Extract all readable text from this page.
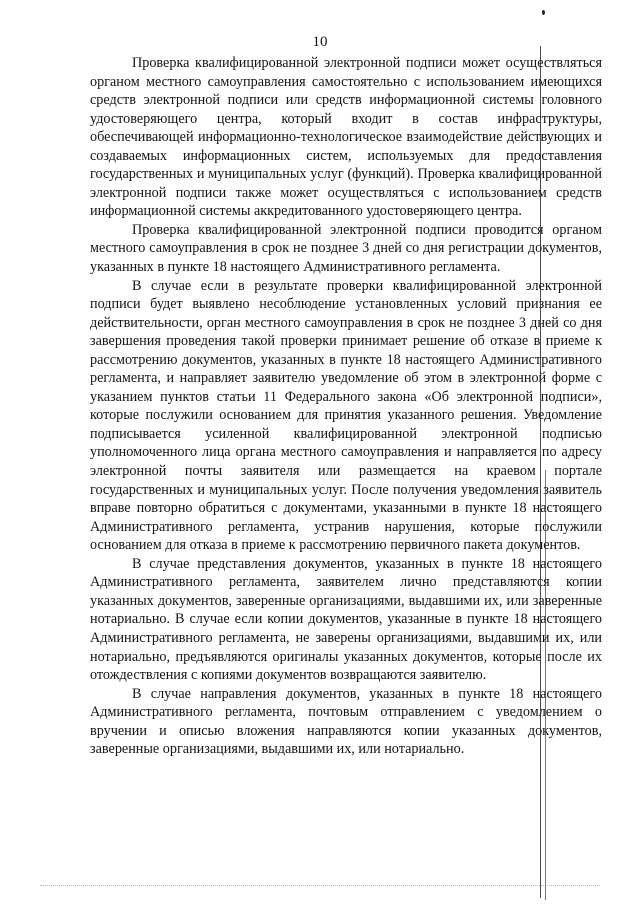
10

Проверка квалифицированной электронной подписи может осуществляться органом местного самоуправления самостоятельно с использованием имеющихся средств электронной подписи или средств информационной системы головного удостоверяющего центра, который входит в состав инфраструктуры, обеспечивающей информационно-технологическое взаимодействие действующих и создаваемых информационных систем, используемых для предоставления государственных и муниципальных услуг (функций). Проверка квалифицированной электронной подписи также может осуществляться с использованием средств информационной системы аккредитованного удостоверяющего центра.

Проверка квалифицированной электронной подписи проводится органом местного самоуправления в срок не позднее 3 дней со дня регистрации документов, указанных в пункте 18 настоящего Административного регламента.

В случае если в результате проверки квалифицированной электронной подписи будет выявлено несоблюдение установленных условий признания ее действительности, орган местного самоуправления в срок не позднее 3 дней со дня завершения проведения такой проверки принимает решение об отказе в приеме к рассмотрению документов, указанных в пункте 18 настоящего Административного регламента, и направляет заявителю уведомление об этом в электронной форме с указанием пунктов статьи 11 Федерального закона «Об электронной подписи», которые послужили основанием для принятия указанного решения. Уведомление подписывается усиленной квалифицированной электронной подписью уполномоченного лица органа местного самоуправления и направляется по адресу электронной почты заявителя или размещается на краевом портале государственных и муниципальных услуг. После получения уведомления заявитель вправе повторно обратиться с документами, указанными в пункте 18 настоящего Административного регламента, устранив нарушения, которые послужили основанием для отказа в приеме к рассмотрению первичного пакета документов.

В случае представления документов, указанных в пункте 18 настоящего Административного регламента, заявителем лично представляются копии указанных документов, заверенные организациями, выдавшими их, или заверенные нотариально. В случае если копии документов, указанные в пункте 18 настоящего Административного регламента, не заверены организациями, выдавшими их, или нотариально, предъявляются оригиналы указанных документов, которые после их отождествления с копиями документов возвращаются заявителю.

В случае направления документов, указанных в пункте 18 настоящего Административного регламента, почтовым отправлением с уведомлением о вручении и описью вложения направляются копии указанных документов, заверенные организациями, выдавшими их, или нотариально.
